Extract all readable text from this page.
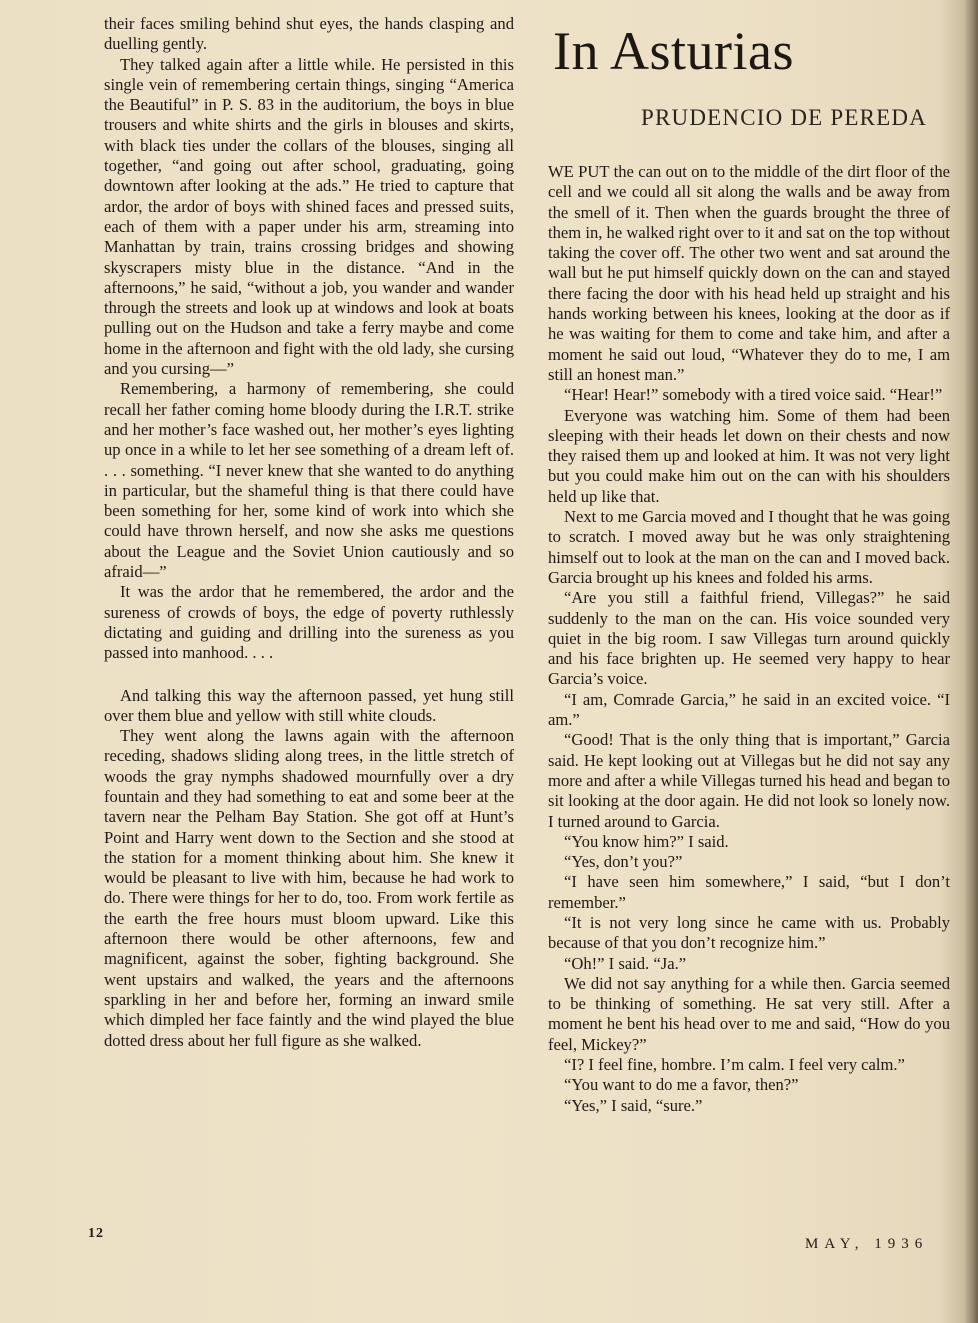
their faces smiling behind shut eyes, the hands clasping and duelling gently.

They talked again after a little while. He persisted in this single vein of remembering certain things, singing “America the Beautiful” in P. S. 83 in the auditorium, the boys in blue trousers and white shirts and the girls in blouses and skirts, with black ties under the collars of the blouses, singing all together, “and going out after school, graduating, going downtown after looking at the ads.” He tried to capture that ardor, the ardor of boys with shined faces and pressed suits, each of them with a paper under his arm, streaming into Manhattan by train, trains crossing bridges and showing skyscrapers misty blue in the distance. “And in the afternoons,” he said, “without a job, you wander and wander through the streets and look up at windows and look at boats pulling out on the Hudson and take a ferry maybe and come home in the afternoon and fight with the old lady, she cursing and you cursing—”

Remembering, a harmony of remembering, she could recall her father coming home bloody during the I.R.T. strike and her mother’s face washed out, her mother’s eyes lighting up once in a while to let her see something of a dream left of. . . . something. “I never knew that she wanted to do anything in particular, but the shameful thing is that there could have been something for her, some kind of work into which she could have thrown herself, and now she asks me questions about the League and the Soviet Union cautiously and so afraid—”

It was the ardor that he remembered, the ardor and the sureness of crowds of boys, the edge of poverty ruthlessly dictating and guiding and drilling into the sureness as you passed into manhood. . . .

And talking this way the afternoon passed, yet hung still over them blue and yellow with still white clouds.

They went along the lawns again with the afternoon receding, shadows sliding along trees, in the little stretch of woods the gray nymphs shadowed mournfully over a dry fountain and they had something to eat and some beer at the tavern near the Pelham Bay Station. She got off at Hunt’s Point and Harry went down to the Section and she stood at the station for a moment thinking about him. She knew it would be pleasant to live with him, because he had work to do. There were things for her to do, too. From work fertile as the earth the free hours must bloom upward. Like this afternoon there would be other afternoons, few and magnificent, against the sober, fighting background. She went upstairs and walked, the years and the afternoons sparkling in her and before her, forming an inward smile which dimpled her face faintly and the wind played the blue dotted dress about her full figure as she walked.

In Asturias
PRUDENCIO DE PEREDA

WE PUT the can out on to the middle of the dirt floor of the cell and we could all sit along the walls and be away from the smell of it. Then when the guards brought the three of them in, he walked right over to it and sat on the top without taking the cover off. The other two went and sat around the wall but he put himself quickly down on the can and stayed there facing the door with his head held up straight and his hands working between his knees, looking at the door as if he was waiting for them to come and take him, and after a moment he said out loud, “Whatever they do to me, I am still an honest man.”

“Hear! Hear!” somebody with a tired voice said. “Hear!”

Everyone was watching him. Some of them had been sleeping with their heads let down on their chests and now they raised them up and looked at him. It was not very light but you could make him out on the can with his shoulders held up like that.

Next to me Garcia moved and I thought that he was going to scratch. I moved away but he was only straightening himself out to look at the man on the can and I moved back. Garcia brought up his knees and folded his arms.

“Are you still a faithful friend, Villegas?” he said suddenly to the man on the can. His voice sounded very quiet in the big room. I saw Villegas turn around quickly and his face brighten up. He seemed very happy to hear Garcia’s voice.

“I am, Comrade Garcia,” he said in an excited voice. “I am.”

“Good! That is the only thing that is important,” Garcia said. He kept looking out at Villegas but he did not say any more and after a while Villegas turned his head and began to sit looking at the door again. He did not look so lonely now. I turned around to Garcia.

“You know him?” I said.

“Yes, don’t you?”

“I have seen him somewhere,” I said, “but I don’t remember.”

“It is not very long since he came with us. Probably because of that you don’t recognize him.”

“Oh!” I said. “Ja.”

We did not say anything for a while then. Garcia seemed to be thinking of something. He sat very still. After a moment he bent his head over to me and said, “How do you feel, Mickey?”

“I? I feel fine, hombre. I’m calm. I feel very calm.”

“You want to do me a favor, then?”

“Yes,” I said, “sure.”

12
MAY, 1936
